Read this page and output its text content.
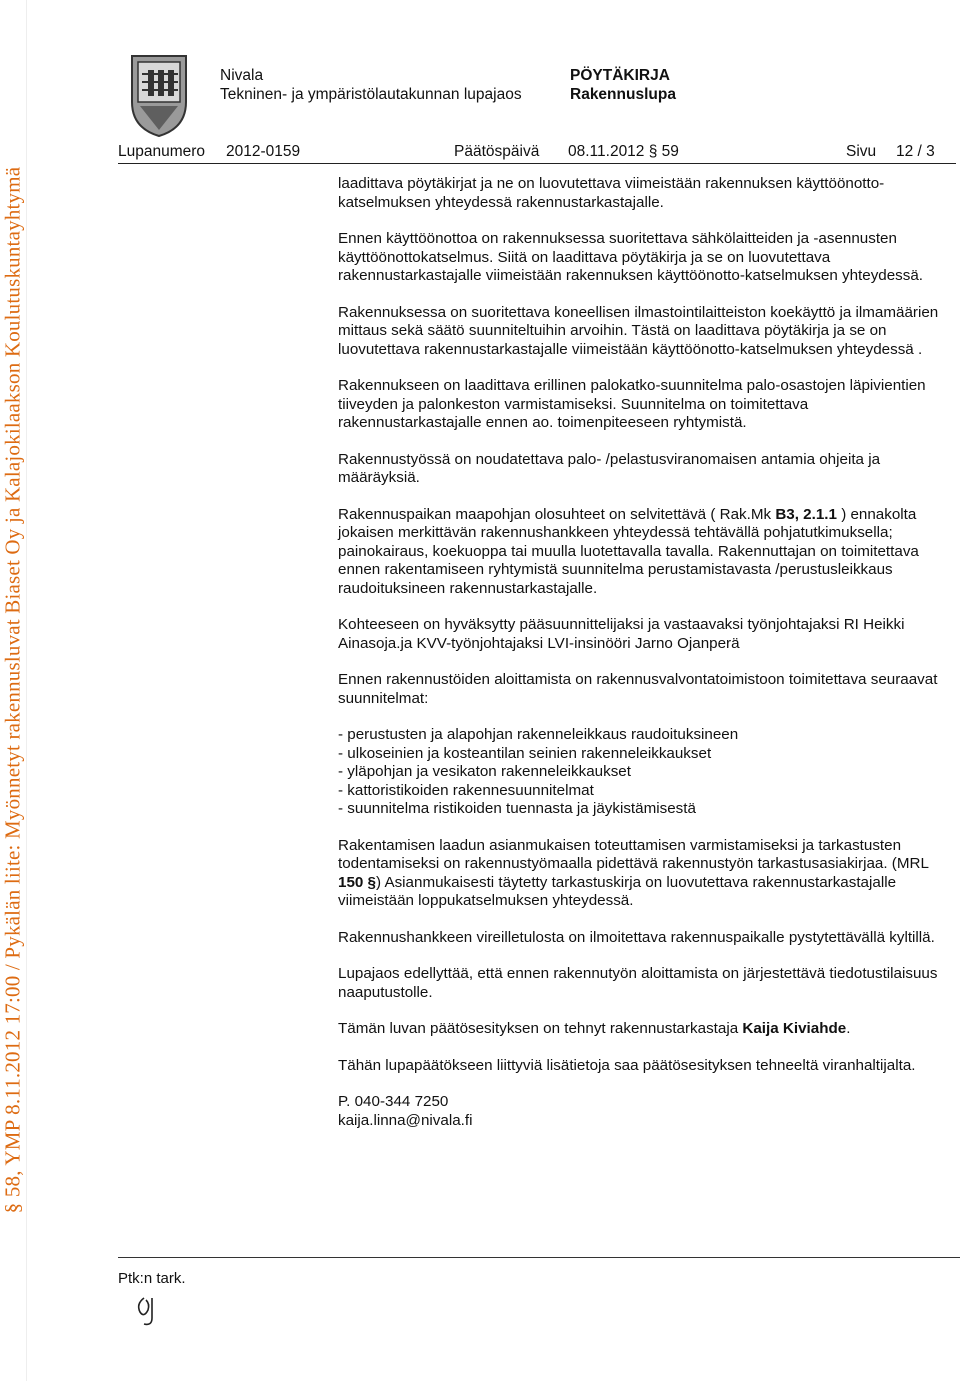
§ 58, YMP 8.11.2012 17:00 / Pykälän liite: Myönnetyt rakennusluvat Biaset Oy ja Kalajokilaakson Koulutuskuntayhtymä
Nivala
Tekninen- ja ympäristölautakunnan lupajaos
PÖYTÄKIRJA
Rakennuslupa
Lupanumero 2012-0159	Päätöspäivä 08.11.2012 § 59	Sivu 12 / 3

laadittava pöytäkirjat ja ne on luovutettava viimeistään rakennuksen käyttöönotto-katselmuksen yhteydessä rakennustarkastajalle.

Ennen käyttöönottoa on rakennuksessa suoritettava sähkölaitteiden ja -asennusten käyttöönottokatselmus. Siitä on laadittava pöytäkirja ja se on luovutettava rakennustarkastajalle viimeistään rakennuksen käyttöönotto-katselmuksen yhteydessä.

Rakennuksessa on suoritettava koneellisen ilmastointilaitteiston koekäyttö ja ilmamäärien mittaus sekä säätö suunniteltuihin arvoihin. Tästä on laadittava pöytäkirja ja se on luovutettava rakennustarkastajalle viimeistään käyttöönotto-katselmuksen yhteydessä .

Rakennukseen on laadittava erillinen palokatko-suunnitelma palo-osastojen läpivientien tiiveyden ja palonkeston varmistamiseksi. Suunnitelma on toimitettava rakennustarkastajalle ennen ao. toimenpiteeseen ryhtymistä.

Rakennustyössä on noudatettava palo- /pelastusviranomaisen antamia ohjeita ja määräyksiä.

Rakennuspaikan maapohjan olosuhteet on selvitettävä ( Rak.Mk B3, 2.1.1 ) ennakolta jokaisen merkittävän rakennushankkeen yhteydessä tehtävällä pohjatutkimuksella; painokairaus, koekuoppa tai muulla luotettavalla tavalla. Rakennuttajan on toimitettava ennen rakentamiseen ryhtymistä suunnitelma perustamistavasta /perustusleikkaus raudoituksineen rakennustarkastajalle.

Kohteeseen on hyväksytty pääsuunnittelijaksi ja vastaavaksi työnjohtajaksi RI Heikki Ainasoja.ja KVV-työnjohtajaksi LVI-insinööri Jarno Ojanperä

Ennen rakennustöiden aloittamista on rakennusvalvontatoimistoon toimitettava seuraavat suunnitelmat:

- perustusten ja alapohjan rakenneleikkaus raudoituksineen
- ulkoseinien ja kosteantilan seinien rakenneleikkaukset
- yläpohjan ja vesikaton rakenneleikkaukset
- kattoristikoiden rakennesuunnitelmat
- suunnitelma ristikoiden tuennasta ja jäykistämisestä

Rakentamisen laadun asianmukaisen toteuttamisen varmistamiseksi ja tarkastusten todentamiseksi on rakennustyömaalla pidettävä rakennustyön tarkastusasiakirjaa. (MRL 150 §) Asianmukaisesti täytetty tarkastuskirja on luovutettava rakennustarkastajalle viimeistään loppukatselmuksen yhteydessä.

Rakennushankkeen vireilletulosta on ilmoitettava rakennuspaikalle pystytettävällä kyltillä.

Lupajaos edellyttää, että ennen rakennutyön aloittamista on järjestettävä tiedotustilaisuus naaputustolle.

Tämän luvan päätösesityksen on tehnyt rakennustarkastaja Kaija Kiviahde.

Tähän lupapäätökseen liittyviä lisätietoja saa päätösesityksen tehneeltä viranhaltijalta.

P. 040-344 7250
kaija.linna@nivala.fi
Ptk:n tark.
